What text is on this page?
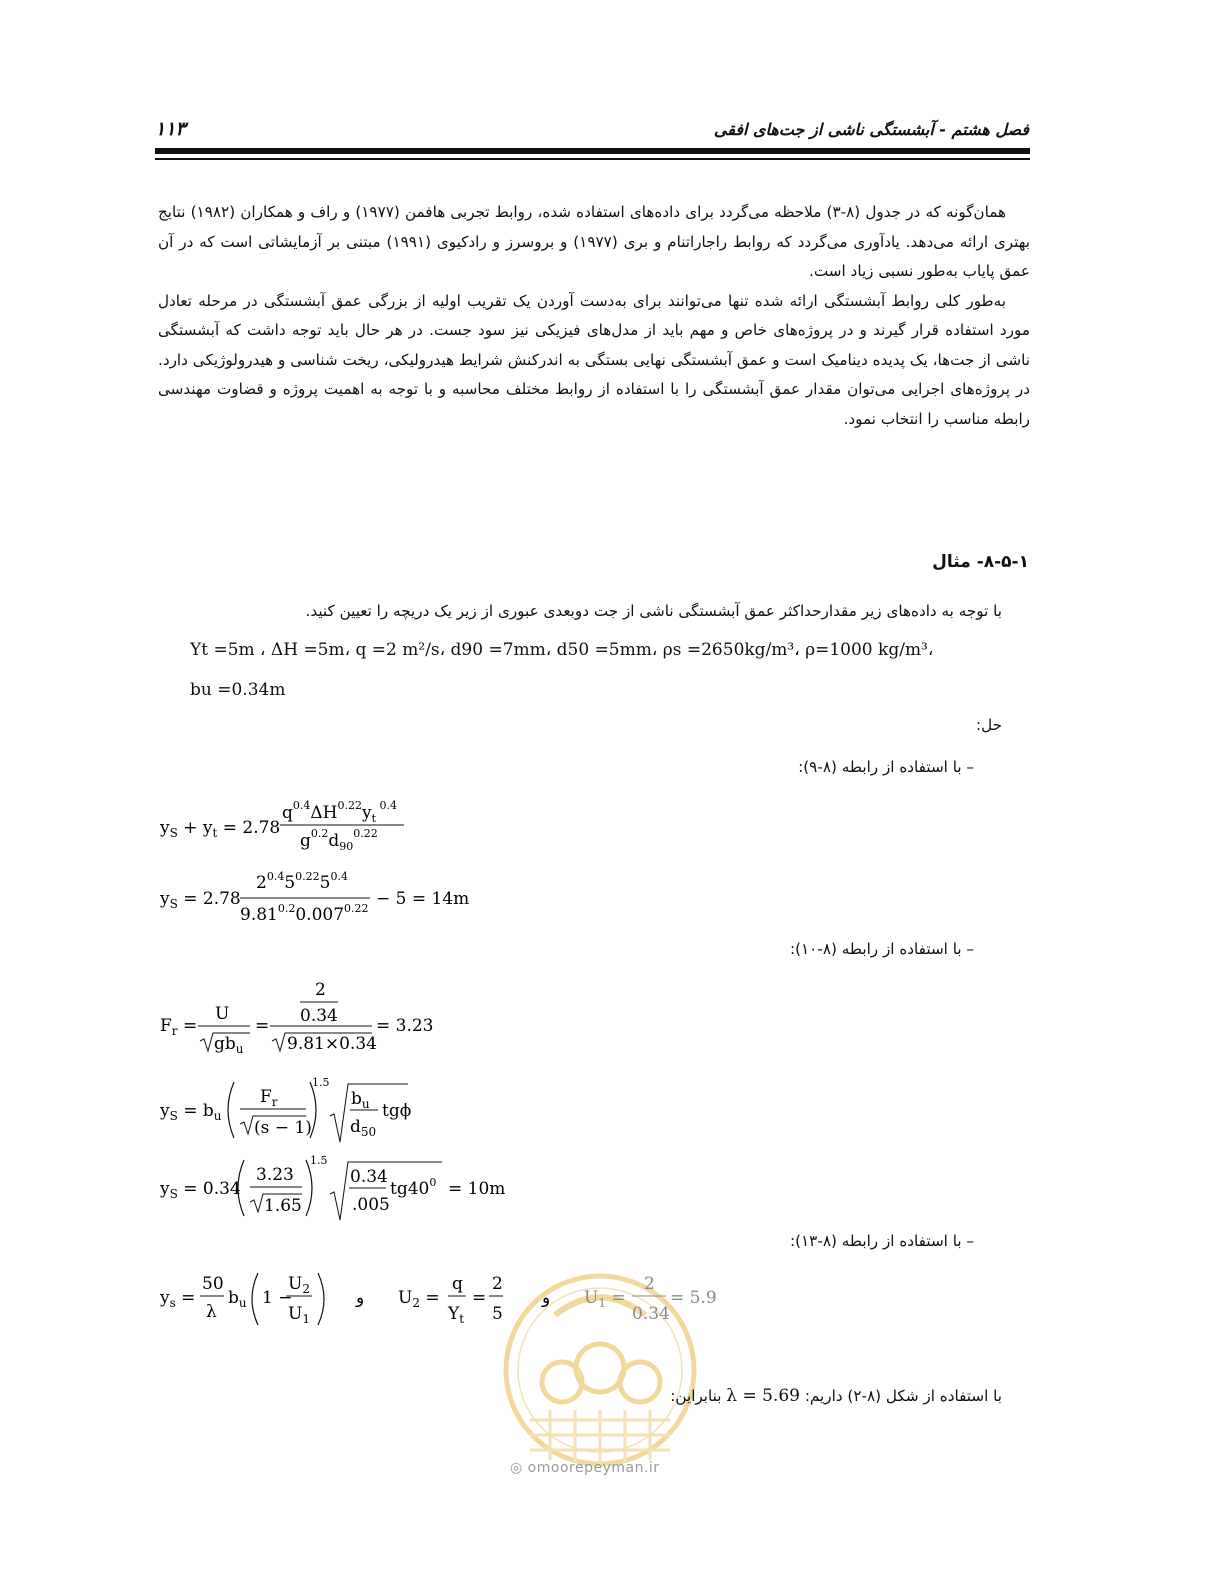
۱۱۳	فصل هشتم - آبشستگی ناشی از جت‌های افقی

همان‌گونه که در جدول (۸-۳) ملاحظه می‌گردد برای داده‌های استفاده شده، روابط تجربی هافمن (۱۹۷۷) و راف و همکاران (۱۹۸۲) نتایج بهتری ارائه می‌دهد. یادآوری می‌گردد که روابط راجاراتنام و بری (۱۹۷۷) و بروسرز و رادکیوی (۱۹۹۱) مبتنی بر آزمایشاتی است که در آن عمق پایاب به‌طور نسبی زیاد است.

به‌طور کلی روابط آبشستگی ارائه شده تنها می‌توانند برای به‌دست آوردن یک تقریب اولیه از بزرگی عمق آبشستگی در مرحله تعادل مورد استفاده قرار گیرند و در پروژه‌های خاص و مهم باید از مدل‌های فیزیکی نیز سود جست. در هر حال باید توجه داشت که آبشستگی ناشی از جت‌ها، یک پدیده دینامیک است و عمق آبشستگی نهایی بستگی به اندرکنش شرایط هیدرولیکی، ریخت شناسی و هیدرولوژیکی دارد. در پروژه‌های اجرایی می‌توان مقدار عمق آبشستگی را با استفاده از روابط مختلف محاسبه و با توجه به اهمیت پروژه و قضاوت مهندسی رابطه مناسب را انتخاب نمود.

۸-۵-۱- مثال
با توجه به داده‌های زیر مقدارحداکثر عمق آبشستگی ناشی از جت دوبعدی عبوری از زیر یک دریچه را تعیین کنید.
Yt =5m ، ΔH =5m، q =2 m²/s، d90 =7mm، d50 =5mm، ρs =2650kg/m³، ρ=1000 kg/m³،
bu =0.34m
حل:
– با استفاده از رابطه (۸-۹):
$y_S + y_t = 2.78$
$q^{0.4}\Delta H^{0.22}y_t$ $^{0.4}$
$g^{0.2}d_{90}^{0.22}$
$y_S = 2.78$
$2^{0.4}5^{0.22}5^{0.4}$
$9.81^{0.2}0.007^{0.22} - 5 = 14m$
– با استفاده از رابطه (۸-۱۰):
$F_r$ =
U
$gb_u$
=
2
0.34
9.81×0.34
= 3.23
$y_S = b_u$
$F_r$
(s − 1)
1.5
$b_u$
$d_{50}$
tgϕ
$y_S = 0.34$
3.23
1.65
1.5
0.34
.005
$tg40^0 = 10m$
– با استفاده از رابطه (۸-۱۳):
$y_s$ =
50
λ
$b_u$ 1 −
$U_2$
$U_1$
و $U_2$ =
q
$Y_t$
=
2
5
و $U_1$ =
2
0.34
= 5.9
با استفاده از شکل (۸-۲) داریم: λ = 5.69 بنابراین:
◎ omoorepeyman.ir
